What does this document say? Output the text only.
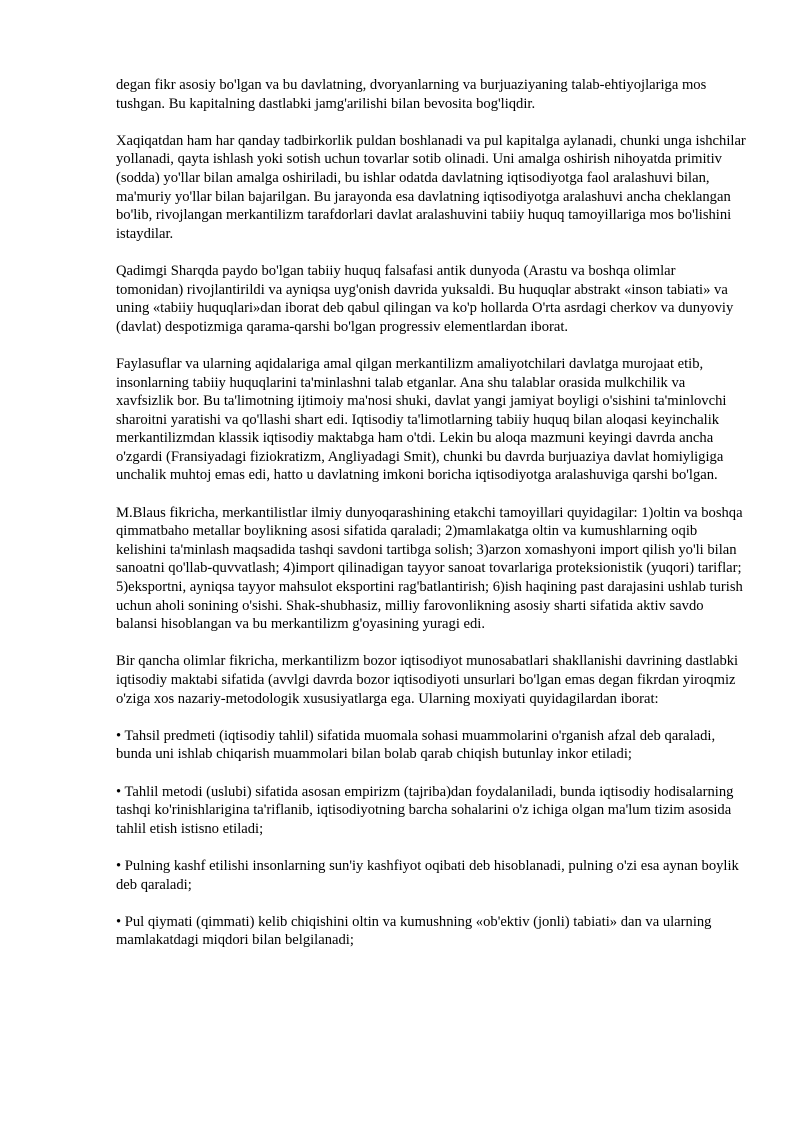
degan fikr asosiy bo'lgan va bu davlatning, dvoryanlarning va burjuaziyaning talab-ehtiyojlariga mos tushgan. Bu kapitalning dastlabki jamg'arilishi bilan bevosita bog'liqdir.

Xaqiqatdan ham har qanday tadbirkorlik puldan boshlanadi va pul kapitalga aylanadi, chunki unga ishchilar yollanadi, qayta ishlash yoki sotish uchun tovarlar sotib olinadi. Uni amalga oshirish nihoyatda primitiv (sodda) yo'llar bilan amalga oshiriladi, bu ishlar odatda davlatning iqtisodiyotga faol aralashuvi bilan, ma'muriy yo'llar bilan bajarilgan. Bu jarayonda esa davlatning iqtisodiyotga aralashuvi ancha cheklangan bo'lib, rivojlangan merkantilizm tarafdorlari davlat aralashuvini tabiiy huquq tamoyillariga mos bo'lishini istaydilar.

Qadimgi Sharqda paydo bo'lgan tabiiy huquq falsafasi antik dunyoda (Arastu va boshqa olimlar tomonidan) rivojlantirildi va ayniqsa uyg'onish davrida yuksaldi. Bu huquqlar abstrakt «inson tabiati» va uning «tabiiy huquqlari»dan iborat deb qabul qilingan va ko'p hollarda O'rta asrdagi cherkov va dunyoviy (davlat) despotizmiga qarama-qarshi bo'lgan progressiv elementlardan iborat.

Faylasuflar va ularning aqidalariga amal qilgan merkantilizm amaliyotchilari davlatga murojaat etib, insonlarning tabiiy huquqlarini ta'minlashni talab etganlar. Ana shu talablar orasida mulkchilik va xavfsizlik bor. Bu ta'limotning ijtimoiy ma'nosi shuki, davlat yangi jamiyat boyligi o'sishini ta'minlovchi sharoitni yaratishi va qo'llashi shart edi. Iqtisodiy ta'limotlarning tabiiy huquq bilan aloqasi keyinchalik merkantilizmdan klassik iqtisodiy maktabga ham o'tdi. Lekin bu aloqa mazmuni keyingi davrda ancha o'zgardi (Fransiyadagi fiziokratizm, Angliyadagi Smit), chunki bu davrda burjuaziya davlat homiyligiga unchalik muhtoj emas edi, hatto u davlatning imkoni boricha iqtisodiyotga aralashuviga qarshi bo'lgan.

M.Blaus fikricha, merkantilistlar ilmiy dunyoqarashining etakchi tamoyillari quyidagilar: 1)oltin va boshqa qimmatbaho metallar boylikning asosi sifatida qaraladi; 2)mamlakatga oltin va kumushlarning oqib kelishini ta'minlash maqsadida tashqi savdoni tartibga solish; 3)arzon xomashyoni import qilish yo'li bilan sanoatni qo'llab-quvvatlash; 4)import qilinadigan tayyor sanoat tovarlariga proteksionistik (yuqori) tariflar; 5)eksportni, ayniqsa tayyor mahsulot eksportini rag'batlantirish; 6)ish haqining past darajasini ushlab turish uchun aholi sonining o'sishi. Shak-shubhasiz, milliy farovonlikning asosiy sharti sifatida aktiv savdo balansi hisoblangan va bu merkantilizm g'oyasining yuragi edi.

Bir qancha olimlar fikricha, merkantilizm bozor iqtisodiyot munosabatlari shakllanishi davrining dastlabki iqtisodiy maktabi sifatida (avvlgi davrda bozor iqtisodiyoti unsurlari bo'lgan emas degan fikrdan yiroqmiz o'ziga xos nazariy-metodologik xususiyatlarga ega. Ularning moxiyati quyidagilardan iborat:

• Tahsil predmeti (iqtisodiy tahlil) sifatida muomala sohasi muammolarini o'rganish afzal deb qaraladi, bunda uni ishlab chiqarish muammolari bilan bolab qarab chiqish butunlay inkor etiladi;

• Tahlil metodi (uslubi) sifatida asosan empirizm (tajriba)dan foydalaniladi, bunda iqtisodiy hodisalarning tashqi ko'rinishlarigina ta'riflanib, iqtisodiyotning barcha sohalarini o'z ichiga olgan ma'lum tizim asosida tahlil etish istisno etiladi;

• Pulning kashf etilishi insonlarning sun'iy kashfiyot oqibati deb hisoblanadi, pulning o'zi esa aynan boylik deb qaraladi;

• Pul qiymati (qimmati) kelib chiqishini oltin va kumushning «ob'ektiv (jonli) tabiati» dan va ularning mamlakatdagi miqdori bilan belgilanadi;
